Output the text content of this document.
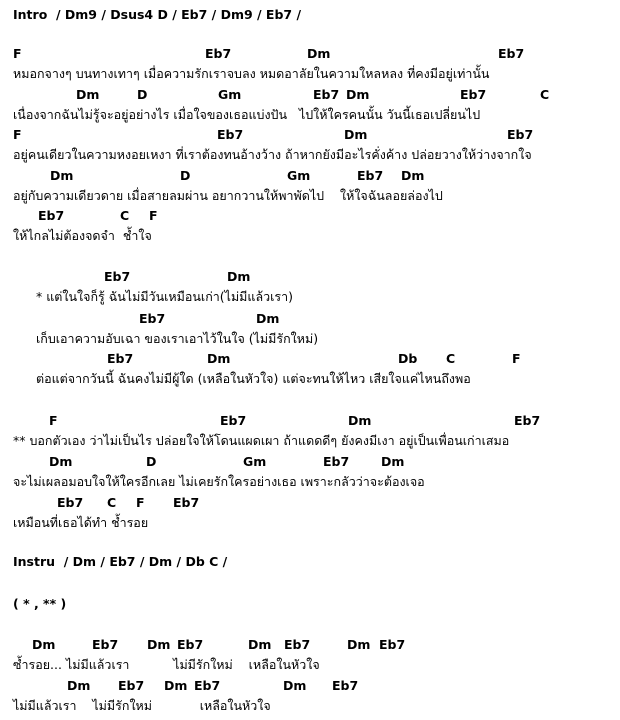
Intro  / Dm9 / Dsus4 D / Eb7 / Dm9 / Eb7 /
F	Eb7	Dm	Eb7
หมอกจางๆ บนทางเทาๆ เมื่อความรักเราจบลง หมดอาลัยในความใหลหลง ที่คงมีอยู่เท่านั้น
Dm	D	Gm	Eb7 Dm	Eb7	C
เนื่องจากฉันไม่รู้จะอยู่อย่างไร เมื่อใจของเธอแบ่งปัน   ไปให้ใครคนนั้น วันนี้เธอเปลี่ยนไป
F	Eb7	Dm	Eb7
อยู่คนเดียวในความหงอยเหงา ที่เราต้องทนอ้างว้าง ถ้าหากยังมีอะไรคั่งค้าง ปล่อยวางให้ว่างจากใจ
Dm	D	Gm	Eb7 Dm
อยู่กับความเดียวดาย เมื่อสายลมผ่าน อยากวานให้พาพัดไป    ให้ใจฉันลอยล่องไป
Eb7	C F
ให้ไกลไม่ต้องจดจำ  ช้ำใจ
Eb7	Dm
* แต่ในใจก็รู้ ฉันไม่มีวันเหมือนเก่า(ไม่มีแล้วเรา)
Eb7	Dm
เก็บเอาความอับเฉา ของเราเอาไว้ในใจ (ไม่มีรักใหม่)
Eb7	Dm	Db C	F
ต่อแต่จากวันนี้ ฉันคงไม่มีผู้ใด (เหลือในหัวใจ) แต่จะทนให้ไหว เสียใจแค่ไหนถึงพอ
F	Eb7	Dm	Eb7
** บอกตัวเอง ว่าไม่เป็นไร ปล่อยใจให้โดนแผดเผา ถ้าแดดดีๆ ยังคงมีเงา อยู่เป็นเพื่อนเก่าเสมอ
Dm	D	Gm	Eb7	Dm
จะไม่เผลอมอบใจให้ใครอีกเลย ไม่เคยรักใครอย่างเธอ เพราะกลัวว่าจะต้องเจอ
Eb7 C F Eb7
เหมือนที่เธอได้ทำ ช้ำรอย
Instru  / Dm / Eb7 / Dm / Db C /
( * , ** )
Dm	Eb7 Dm Eb7	Dm Eb7	Dm Eb7
ซ้ำรอย... ไม่มีแล้วเรา           ไม่มีรักใหม่    เหลือในหัวใจ
Dm Eb7 Dm Eb7	Dm Eb7
ไม่มีแล้วเรา    ไม่มีรักใหม่            เหลือในหัวใจ
